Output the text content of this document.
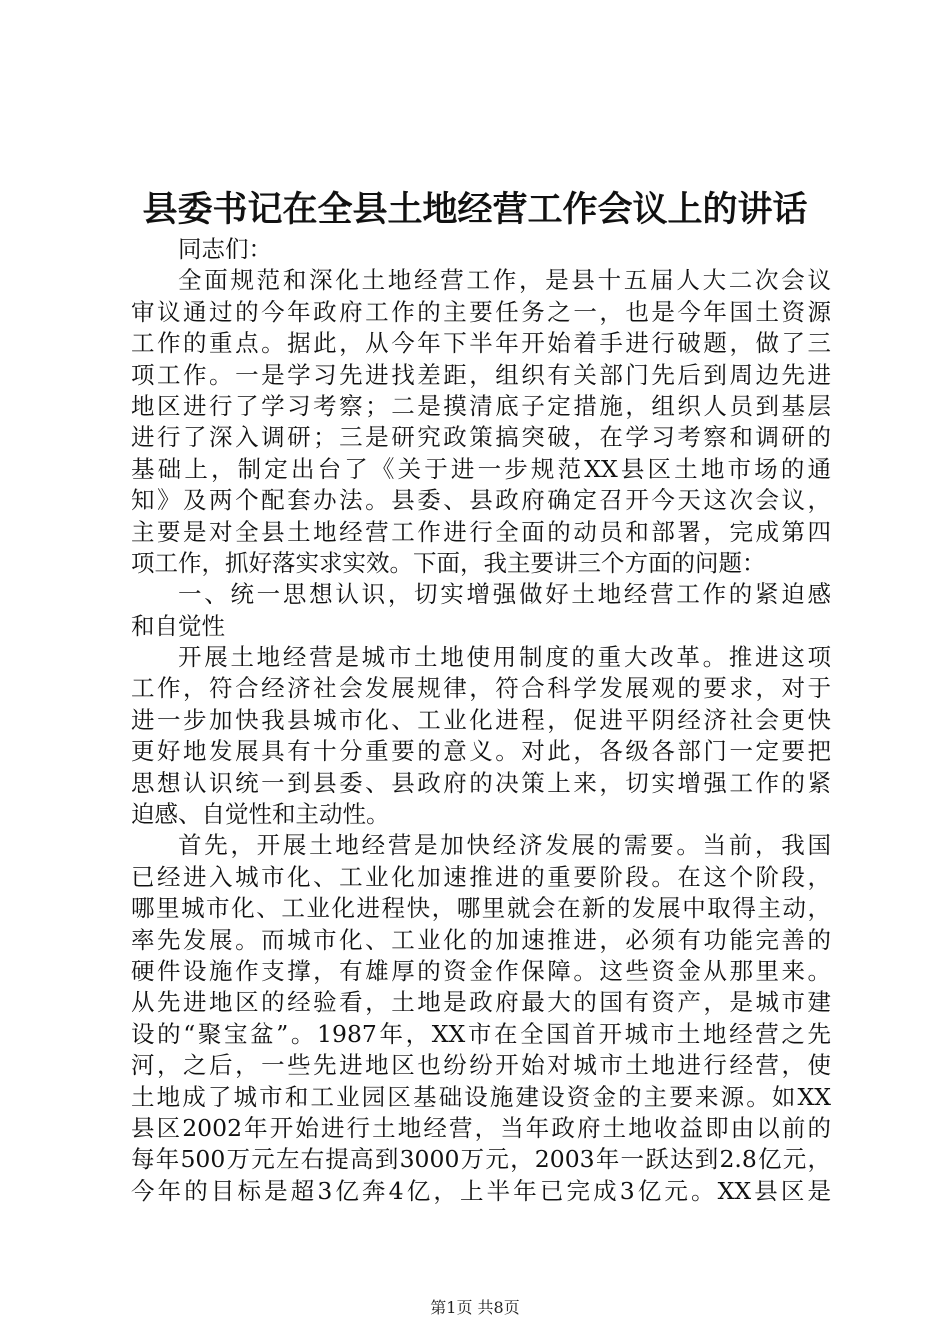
县委书记在全县土地经营工作会议上的讲话
同志们：
全面规范和深化土地经营工作，是县十五届人大二次会议
审议通过的今年政府工作的主要任务之一，也是今年国土资源
工作的重点。据此，从今年下半年开始着手进行破题，做了三
项工作。一是学习先进找差距，组织有关部门先后到周边先进
地区进行了学习考察；二是摸清底子定措施，组织人员到基层
进行了深入调研；三是研究政策搞突破，在学习考察和调研的
基础上，制定出台了《关于进一步规范XX县区土地市场的通
知》及两个配套办法。县委、县政府确定召开今天这次会议，
主要是对全县土地经营工作进行全面的动员和部署，完成第四
项工作，抓好落实求实效。下面，我主要讲三个方面的问题：
一、统一思想认识，切实增强做好土地经营工作的紧迫感
和自觉性
开展土地经营是城市土地使用制度的重大改革。推进这项
工作，符合经济社会发展规律，符合科学发展观的要求，对于
进一步加快我县城市化、工业化进程，促进平阴经济社会更快
更好地发展具有十分重要的意义。对此，各级各部门一定要把
思想认识统一到县委、县政府的决策上来，切实增强工作的紧
迫感、自觉性和主动性。
首先，开展土地经营是加快经济发展的需要。当前，我国
已经进入城市化、工业化加速推进的重要阶段。在这个阶段，
哪里城市化、工业化进程快，哪里就会在新的发展中取得主动，
率先发展。而城市化、工业化的加速推进，必须有功能完善的
硬件设施作支撑，有雄厚的资金作保障。这些资金从那里来。
从先进地区的经验看，土地是政府最大的国有资产，是城市建
设的“聚宝盆”。1987年，XX市在全国首开城市土地经营之先
河，之后，一些先进地区也纷纷开始对城市土地进行经营，使
土地成了城市和工业园区基础设施建设资金的主要来源。如XX
县区2002年开始进行土地经营，当年政府土地收益即由以前的
每年500万元左右提高到3000万元，2003年一跃达到2.8亿元，
今年的目标是超3亿奔4亿，上半年已完成3亿元。XX县区是
第1页 共8页
